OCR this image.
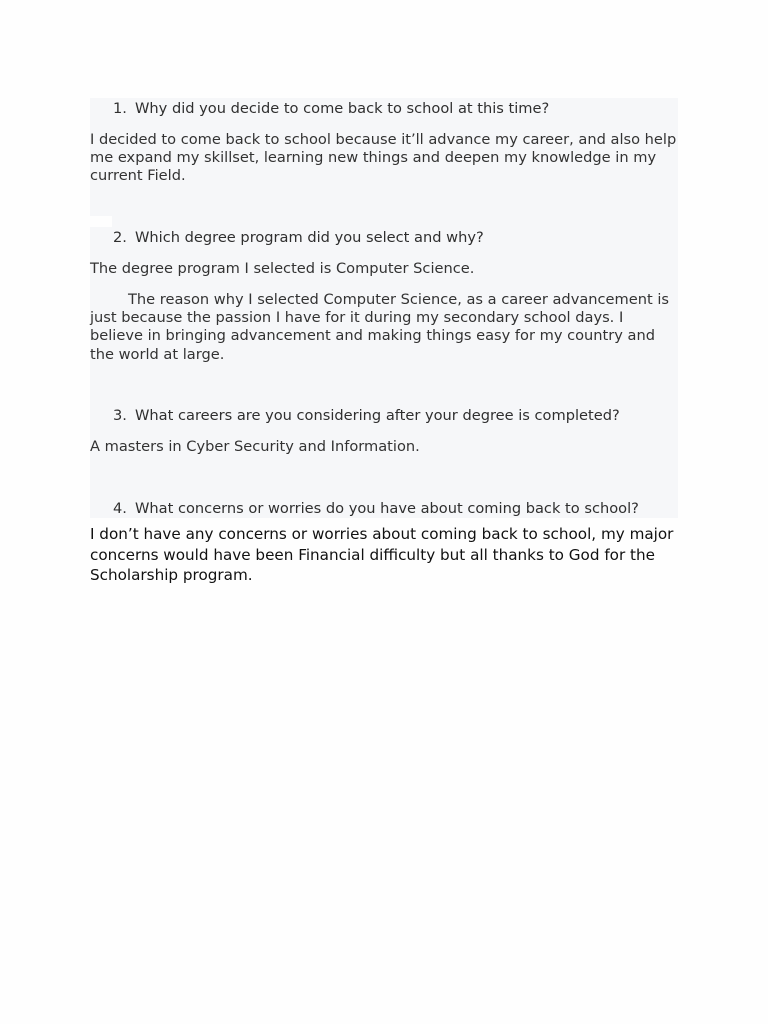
1. Why did you decide to come back to school at this time?
I decided to come back to school because it’ll advance my career, and also help me expand my skillset, learning new things and deepen my knowledge in my current Field.
2. Which degree program did you select and why?
The degree program I selected is Computer Science.
The reason why I selected Computer Science, as a career advancement is just because the passion I have for it during my secondary school days. I believe in bringing advancement and making things easy for my country and the world at large.
3. What careers are you considering after your degree is completed?
A masters in Cyber Security and Information.
4. What concerns or worries do you have about coming back to school?
I don’t have any concerns or worries about coming back to school, my major concerns would have been Financial difficulty but all thanks to God for the Scholarship program.
